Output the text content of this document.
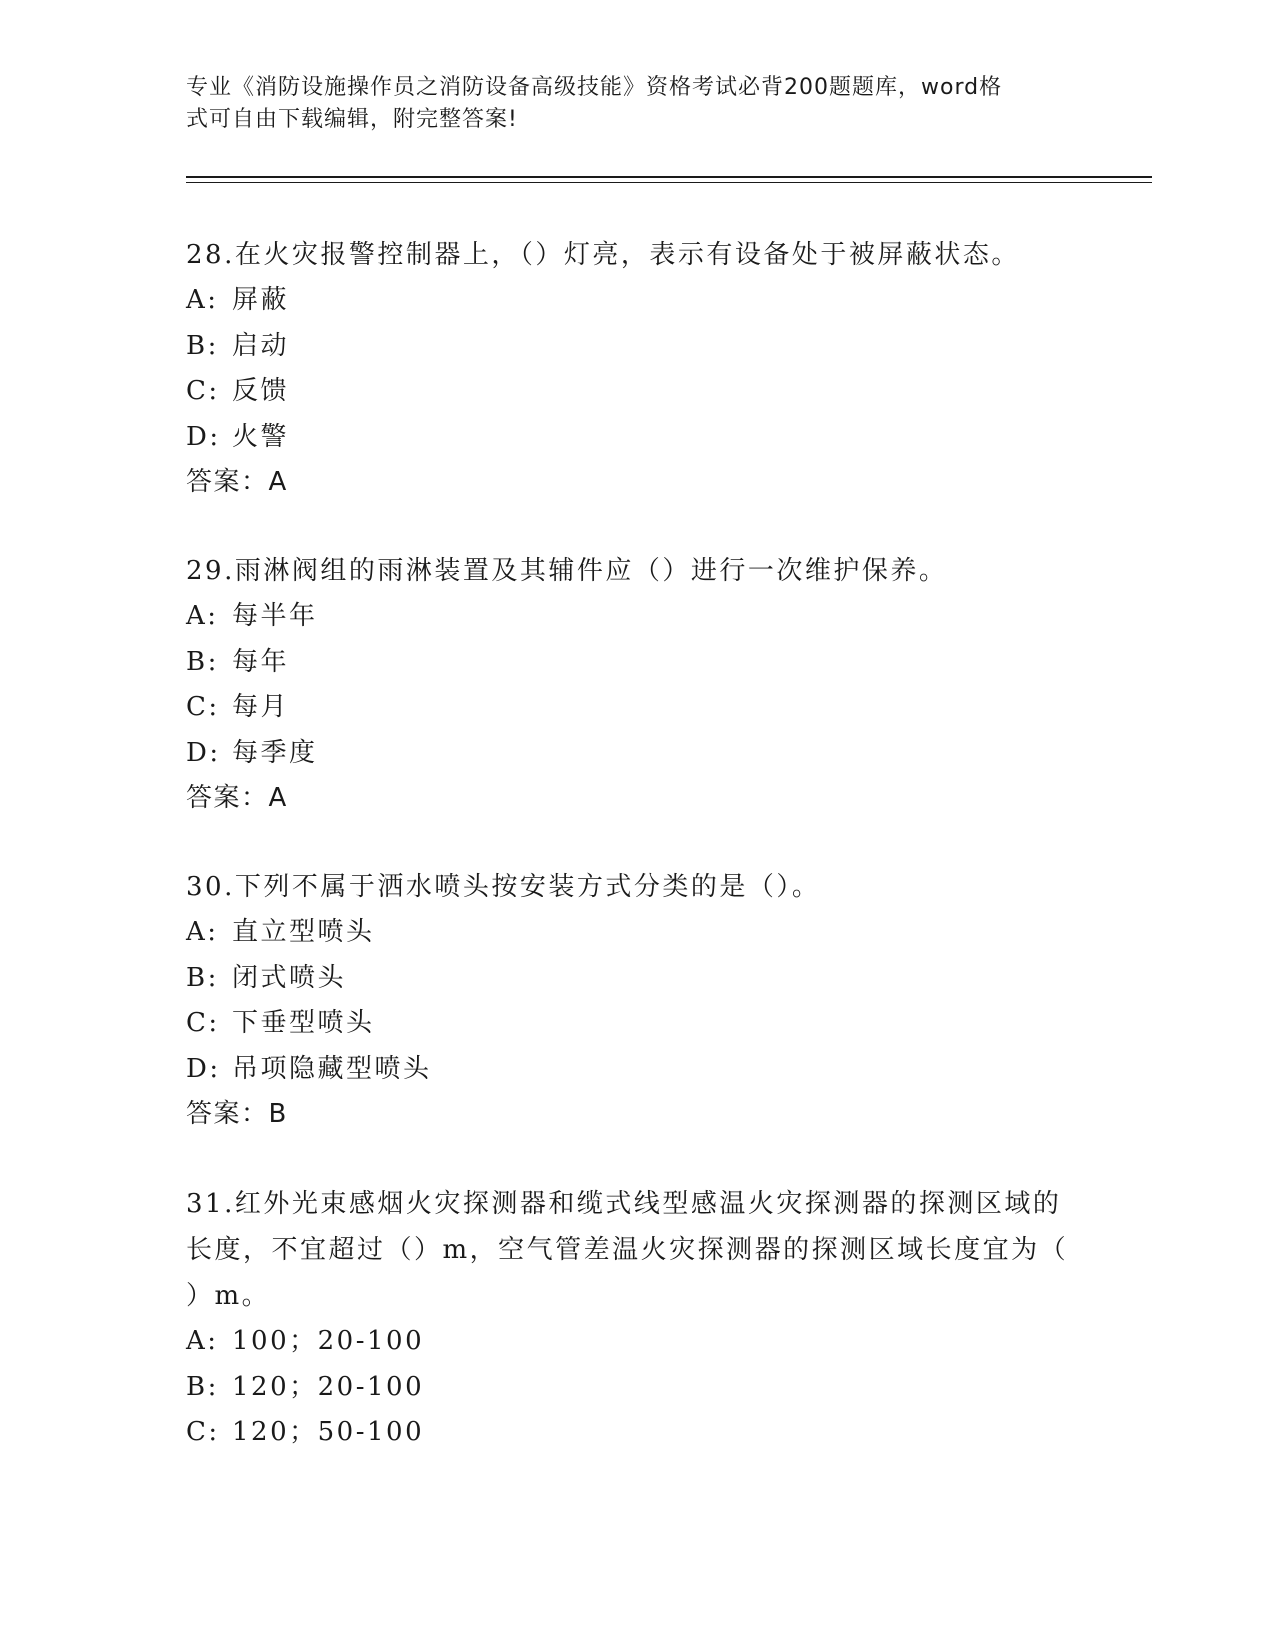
专业《消防设施操作员之消防设备高级技能》资格考试必背200题题库，word格
式可自由下载编辑，附完整答案!

28.在火灾报警控制器上，（）灯亮，表示有设备处于被屏蔽状态。

A: 屏蔽

B: 启动

C: 反馈

D: 火警

答案：A

29.雨淋阀组的雨淋装置及其辅件应（）进行一次维护保养。

A: 每半年

B: 每年

C: 每月

D: 每季度

答案：A

30.下列不属于洒水喷头按安装方式分类的是（）。

A: 直立型喷头

B: 闭式喷头

C: 下垂型喷头

D: 吊项隐藏型喷头

答案：B

31.红外光束感烟火灾探测器和缆式线型感温火灾探测器的探测区域的

长度，不宜超过（）m，空气管差温火灾探测器的探测区域长度宜为（

）m。

A: 100；20-100

B: 120；20-100

C: 120；50-100
